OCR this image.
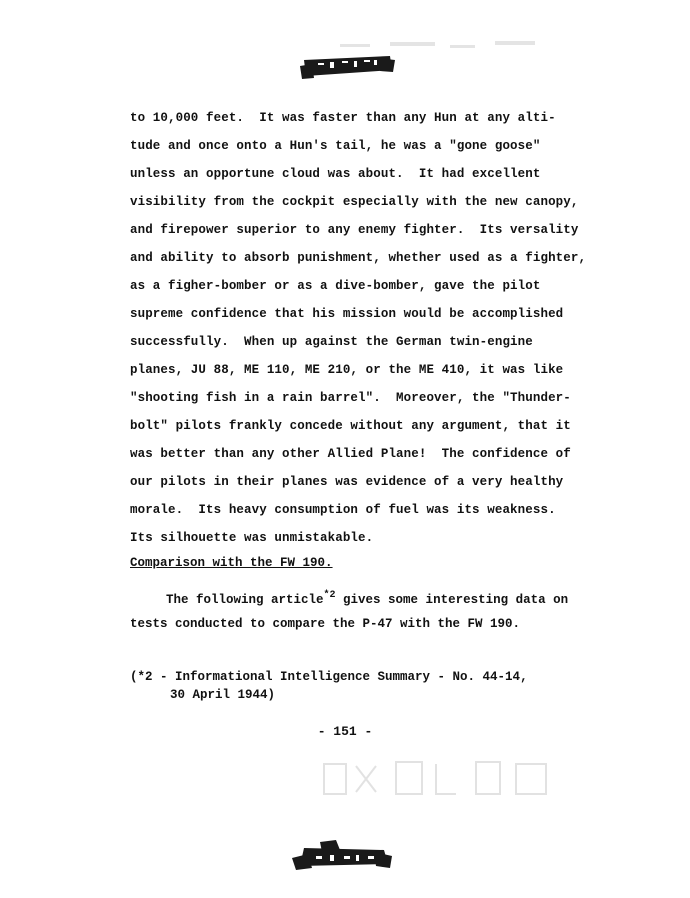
to 10,000 feet.  It was faster than any Hun at any alti-
tude and once onto a Hun's tail, he was a "gone goose"
unless an opportune cloud was about.  It had excellent
visibility from the cockpit especially with the new canopy,
and firepower superior to any enemy fighter.  Its versality
and ability to absorb punishment, whether used as a fighter,
as a figher-bomber or as a dive-bomber, gave the pilot
supreme confidence that his mission would be accomplished
successfully.  When up against the German twin-engine
planes, JU 88, ME 110, ME 210, or the ME 410, it was like
"shooting fish in a rain barrel".  Moreover, the "Thunder-
bolt" pilots frankly concede without any argument, that it
was better than any other Allied Plane!  The confidence of
our pilots in their planes was evidence of a very healthy
morale.  Its heavy consumption of fuel was its weakness.
Its silhouette was unmistakable.
Comparison with the FW 190.
The following article$^{*2}$ gives some interesting data on
tests conducted to compare the P-47 with the FW 190.
(*2 - Informational Intelligence Summary - No. 44-14,
30 April 1944)
- 151 -
